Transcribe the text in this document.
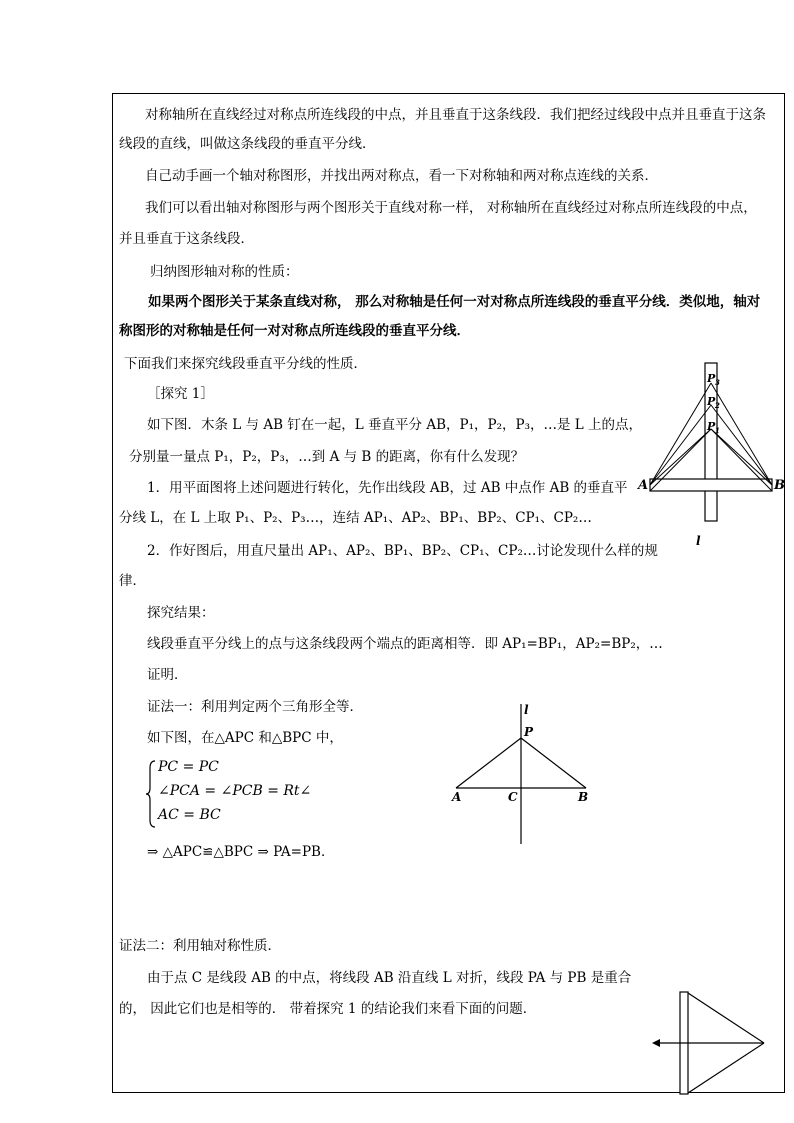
对称轴所在直线经过对称点所连线段的中点，并且垂直于这条线段．我们把经过线段中点并且垂直于这条
线段的直线，叫做这条线段的垂直平分线．
自己动手画一个轴对称图形，并找出两对称点，看一下对称轴和两对称点连线的关系．
我们可以看出轴对称图形与两个图形关于直线对称一样， 对称轴所在直线经过对称点所连线段的中点，
并且垂直于这条线段．
归纳图形轴对称的性质：
如果两个图形关于某条直线对称， 那么对称轴是任何一对对称点所连线段的垂直平分线．类似地，轴对
称图形的对称轴是任何一对对称点所连线段的垂直平分线．
下面我们来探究线段垂直平分线的性质．
［探究 1］
如下图．木条 L 与 AB 钉在一起，L 垂直平分 AB，P₁，P₂，P₃，…是 L 上的点，
分别量一量点 P₁，P₂，P₃，…到 A 与 B 的距离，你有什么发现？
1．用平面图将上述问题进行转化，先作出线段 AB，过 AB 中点作 AB 的垂直平
分线 L，在 L 上取 P₁、P₂、P₃…，连结 AP₁、AP₂、BP₁、BP₂、CP₁、CP₂…
2．作好图后，用直尺量出 AP₁、AP₂、BP₁、BP₂、CP₁、CP₂…讨论发现什么样的规
律．
探究结果：
线段垂直平分线上的点与这条线段两个端点的距离相等．即 AP₁=BP₁，AP₂=BP₂，…
证明．
证法一：利用判定两个三角形全等．
如下图，在△APC 和△BPC 中，
PC = PC
∠PCA = ∠PCB = Rt∠
AC = BC
⇒ △APC≌△BPC ⇒ PA=PB．
证法二：利用轴对称性质．
由于点 C 是线段 AB 的中点，将线段 AB 沿直线 L 对折，线段 PA 与 PB 是重合
的， 因此它们也是相等的． 带着探究 1 的结论我们来看下面的问题．
A	B
l
P 3
P 2
P 1
l
P
A	B
C
